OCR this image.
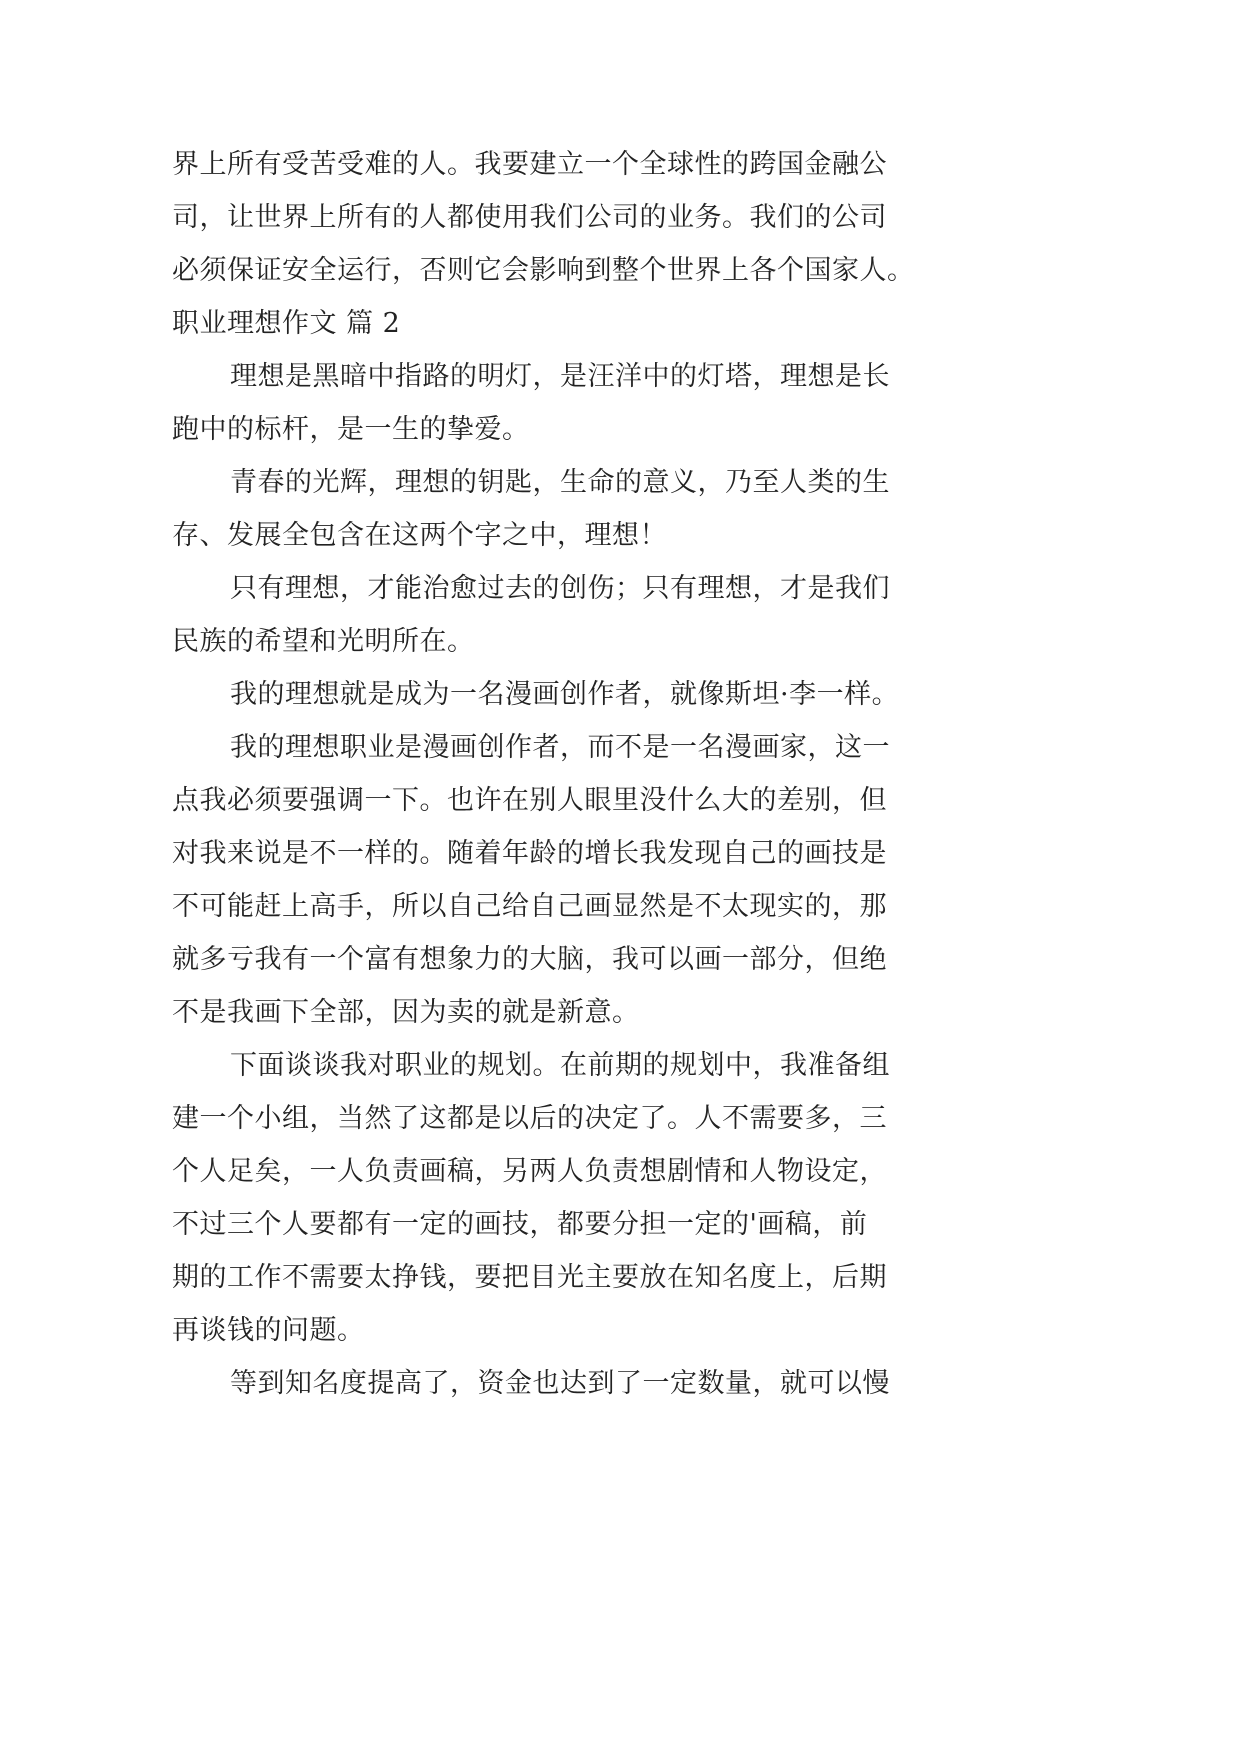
界上所有受苦受难的人。我要建立一个全球性的跨国金融公
司，让世界上所有的人都使用我们公司的业务。我们的公司
必须保证安全运行，否则它会影响到整个世界上各个国家人。
职业理想作文 篇 2
理想是黑暗中指路的明灯，是汪洋中的灯塔，理想是长
跑中的标杆，是一生的挚爱。
青春的光辉，理想的钥匙，生命的意义，乃至人类的生
存、发展全包含在这两个字之中，理想！
只有理想，才能治愈过去的创伤；只有理想，才是我们
民族的希望和光明所在。
我的理想就是成为一名漫画创作者，就像斯坦·李一样。
我的理想职业是漫画创作者，而不是一名漫画家，这一
点我必须要强调一下。也许在别人眼里没什么大的差别，但
对我来说是不一样的。随着年龄的增长我发现自己的画技是
不可能赶上高手，所以自己给自己画显然是不太现实的，那
就多亏我有一个富有想象力的大脑，我可以画一部分，但绝
不是我画下全部，因为卖的就是新意。
下面谈谈我对职业的规划。在前期的规划中，我准备组
建一个小组，当然了这都是以后的决定了。人不需要多，三
个人足矣，一人负责画稿，另两人负责想剧情和人物设定，
不过三个人要都有一定的画技，都要分担一定的'画稿，前
期的工作不需要太挣钱，要把目光主要放在知名度上，后期
再谈钱的问题。
等到知名度提高了，资金也达到了一定数量，就可以慢
